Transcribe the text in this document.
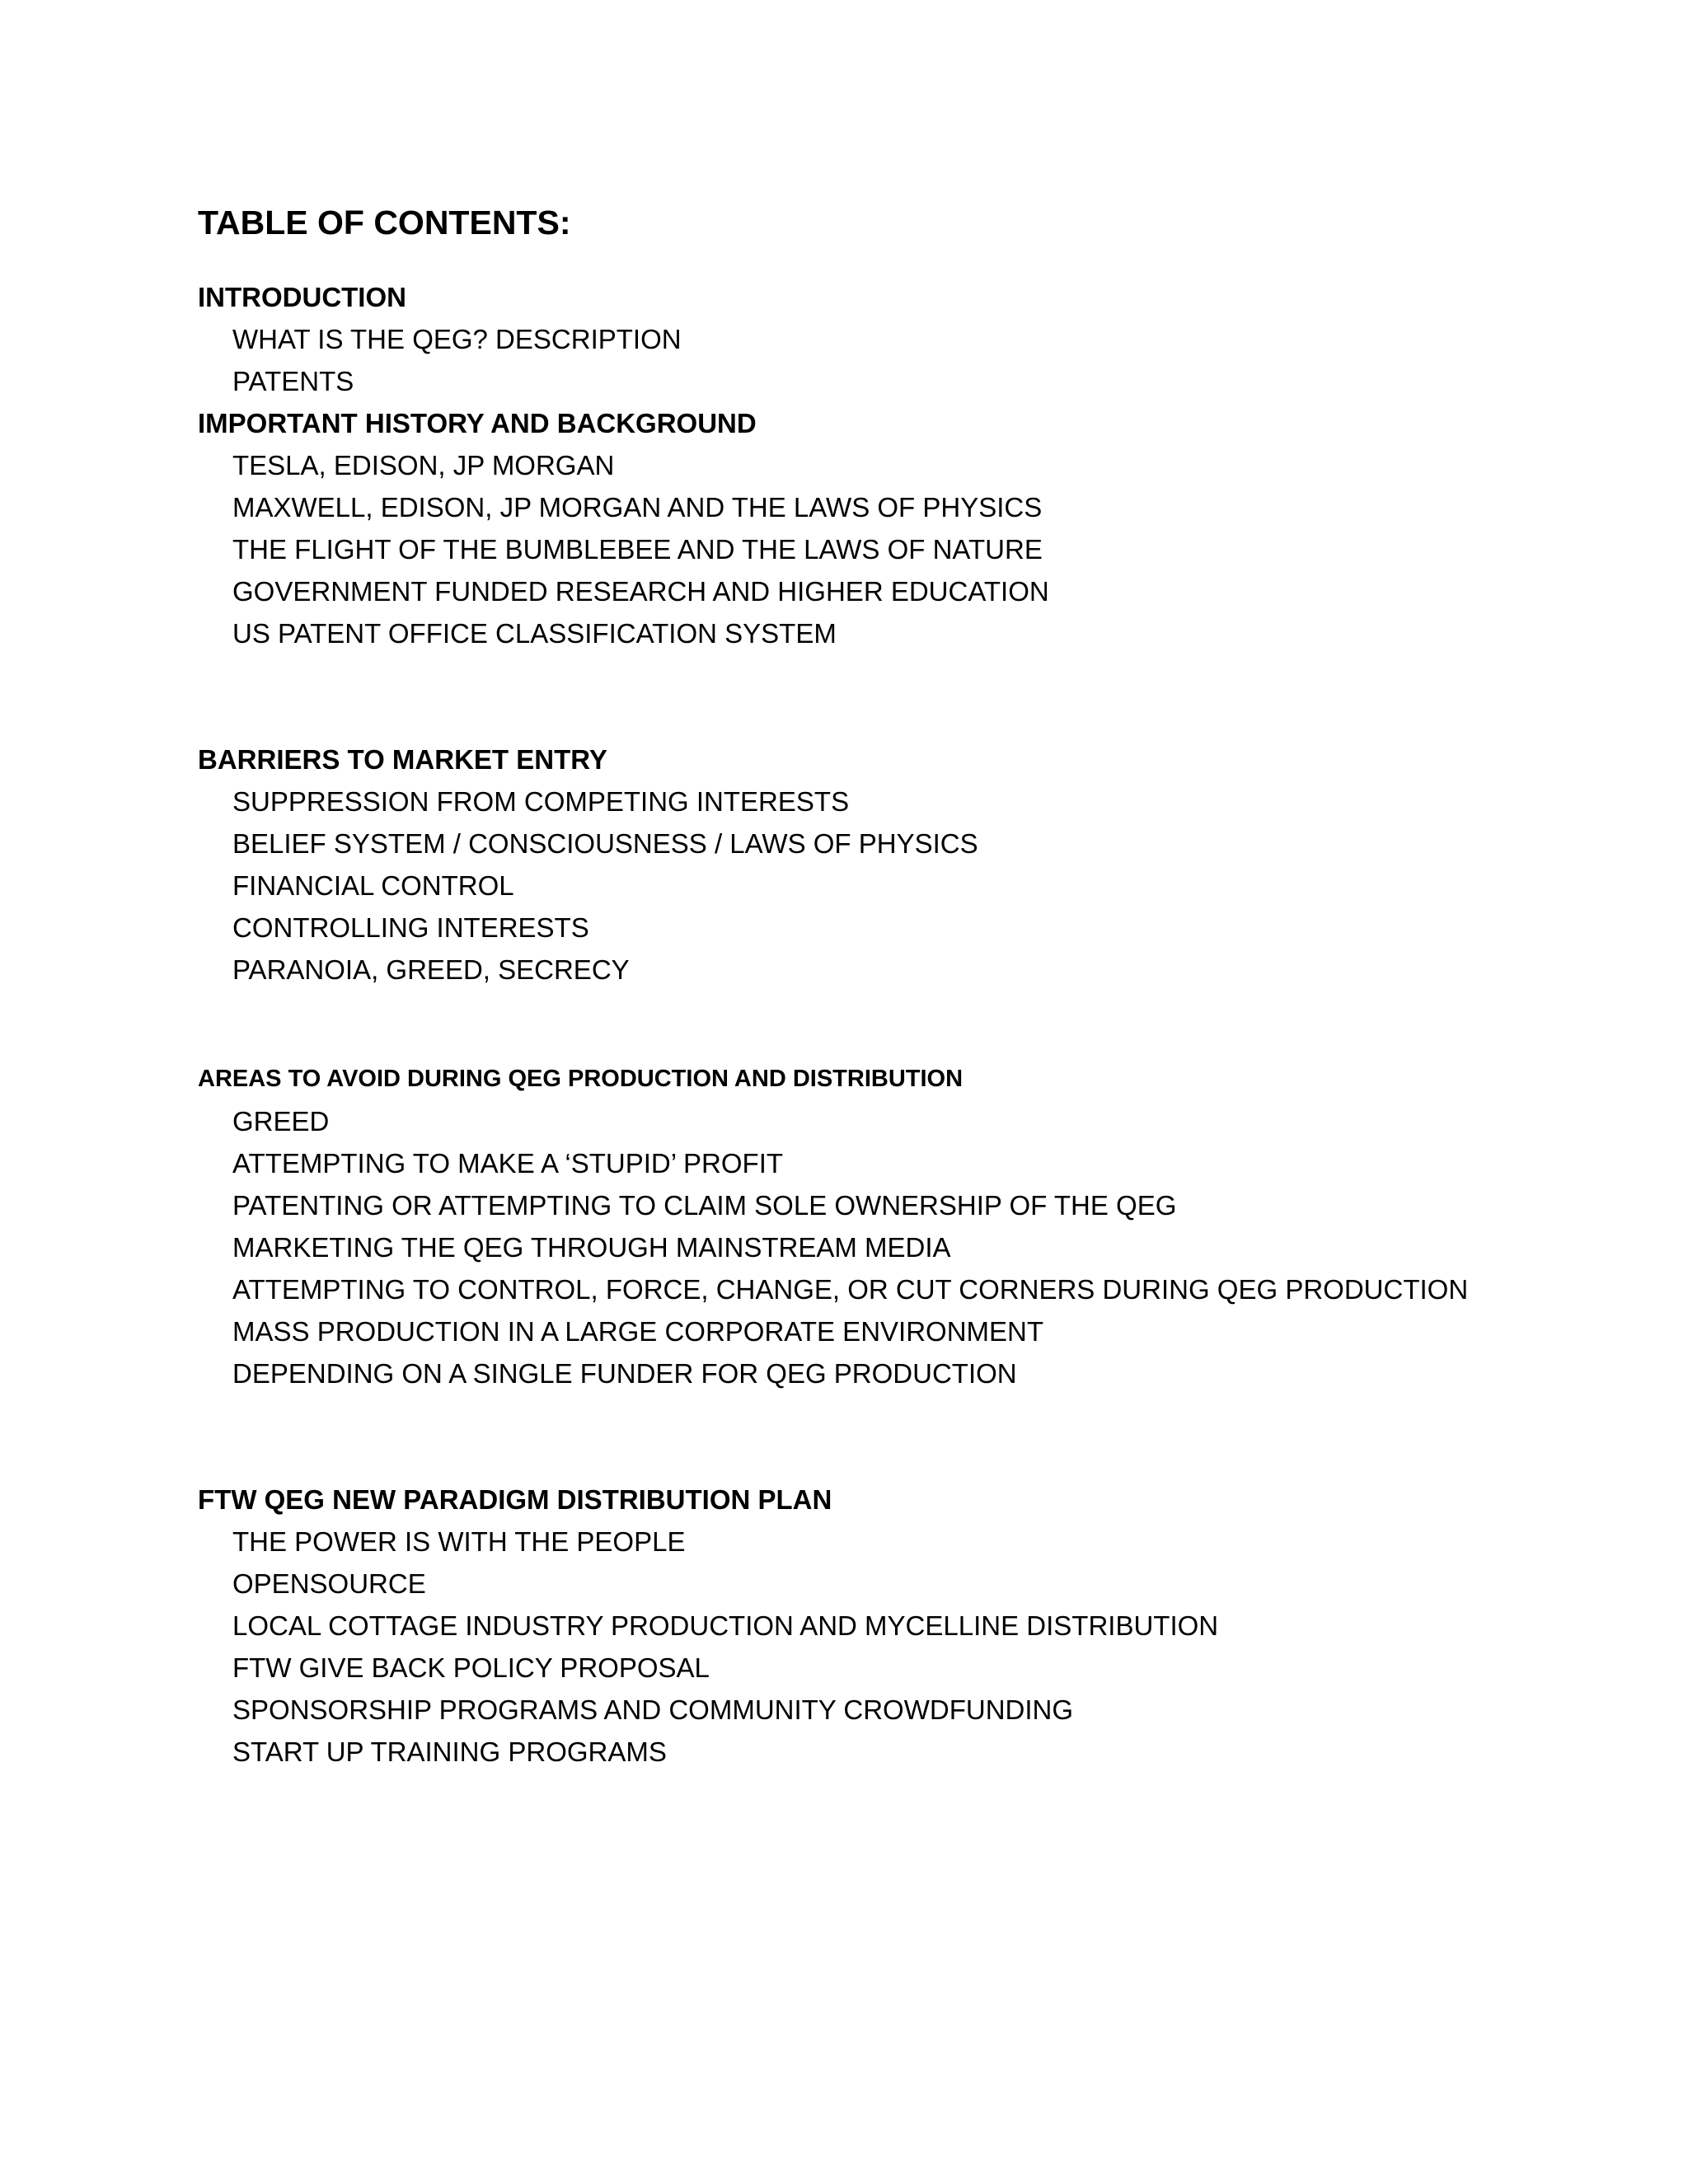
TABLE OF CONTENTS:
INTRODUCTION
WHAT IS THE QEG? DESCRIPTION
PATENTS
IMPORTANT HISTORY AND BACKGROUND
TESLA, EDISON, JP MORGAN
MAXWELL, EDISON, JP MORGAN AND THE LAWS OF PHYSICS
THE FLIGHT OF THE BUMBLEBEE AND THE LAWS OF NATURE
GOVERNMENT FUNDED RESEARCH AND HIGHER EDUCATION
US PATENT OFFICE CLASSIFICATION SYSTEM
BARRIERS TO MARKET ENTRY
SUPPRESSION FROM COMPETING INTERESTS
BELIEF SYSTEM / CONSCIOUSNESS / LAWS OF PHYSICS
FINANCIAL CONTROL
CONTROLLING INTERESTS
PARANOIA, GREED, SECRECY
AREAS TO AVOID DURING QEG PRODUCTION AND DISTRIBUTION
GREED
ATTEMPTING TO MAKE A ‘STUPID’ PROFIT
PATENTING OR ATTEMPTING TO CLAIM SOLE OWNERSHIP OF THE QEG
MARKETING THE QEG THROUGH MAINSTREAM MEDIA
ATTEMPTING TO CONTROL, FORCE, CHANGE, OR CUT CORNERS DURING QEG PRODUCTION
MASS PRODUCTION IN A LARGE CORPORATE ENVIRONMENT
DEPENDING ON A SINGLE FUNDER FOR QEG PRODUCTION
FTW QEG NEW PARADIGM DISTRIBUTION PLAN
THE POWER IS WITH THE PEOPLE
OPENSOURCE
LOCAL COTTAGE INDUSTRY PRODUCTION AND MYCELLINE DISTRIBUTION
FTW GIVE BACK POLICY PROPOSAL
SPONSORSHIP PROGRAMS AND COMMUNITY CROWDFUNDING
START UP TRAINING PROGRAMS
